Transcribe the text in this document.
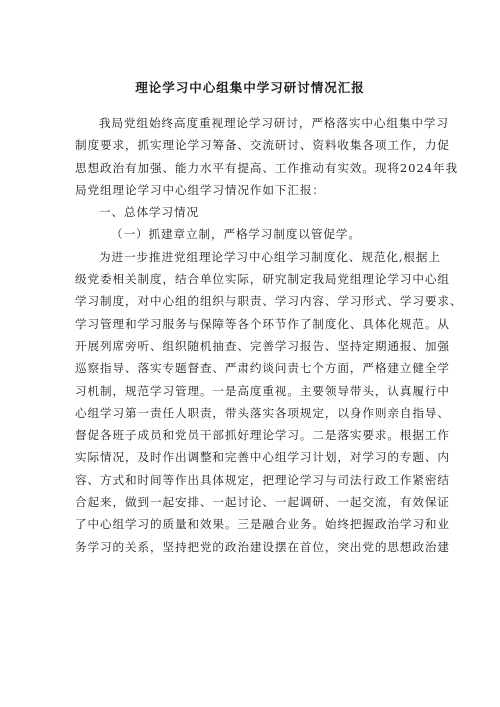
理论学习中心组集中学习研讨情况汇报
我局党组始终高度重视理论学习研讨，严格落实中心组集中学习
制度要求，抓实理论学习筹备、交流研讨、资料收集各项工作，力促
思想政治有加强、能力水平有提高、工作推动有实效。现将2024年我
局党组理论学习中心组学习情况作如下汇报：
一、总体学习情况
（一）抓建章立制，严格学习制度以管促学。
为进一步推进党组理论学习中心组学习制度化、规范化,根据上
级党委相关制度，结合单位实际，研究制定我局党组理论学习中心组
学习制度，对中心组的组织与职责、学习内容、学习形式、学习要求、
学习管理和学习服务与保障等各个环节作了制度化、具体化规范。从
开展列席旁听、组织随机抽查、完善学习报告、坚持定期通报、加强
巡察指导、落实专题督查、严肃约谈问责七个方面，严格建立健全学
习机制，规范学习管理。一是高度重视。主要领导带头，认真履行中
心组学习第一责任人职责，带头落实各项规定，以身作则亲自指导、
督促各班子成员和党员干部抓好理论学习。二是落实要求。根据工作
实际情况，及时作出调整和完善中心组学习计划，对学习的专题、内
容、方式和时间等作出具体规定，把理论学习与司法行政工作紧密结
合起来，做到一起安排、一起讨论、一起调研、一起交流，有效保证
了中心组学习的质量和效果。三是融合业务。始终把握政治学习和业
务学习的关系，坚持把党的政治建设摆在首位，突出党的思想政治建
